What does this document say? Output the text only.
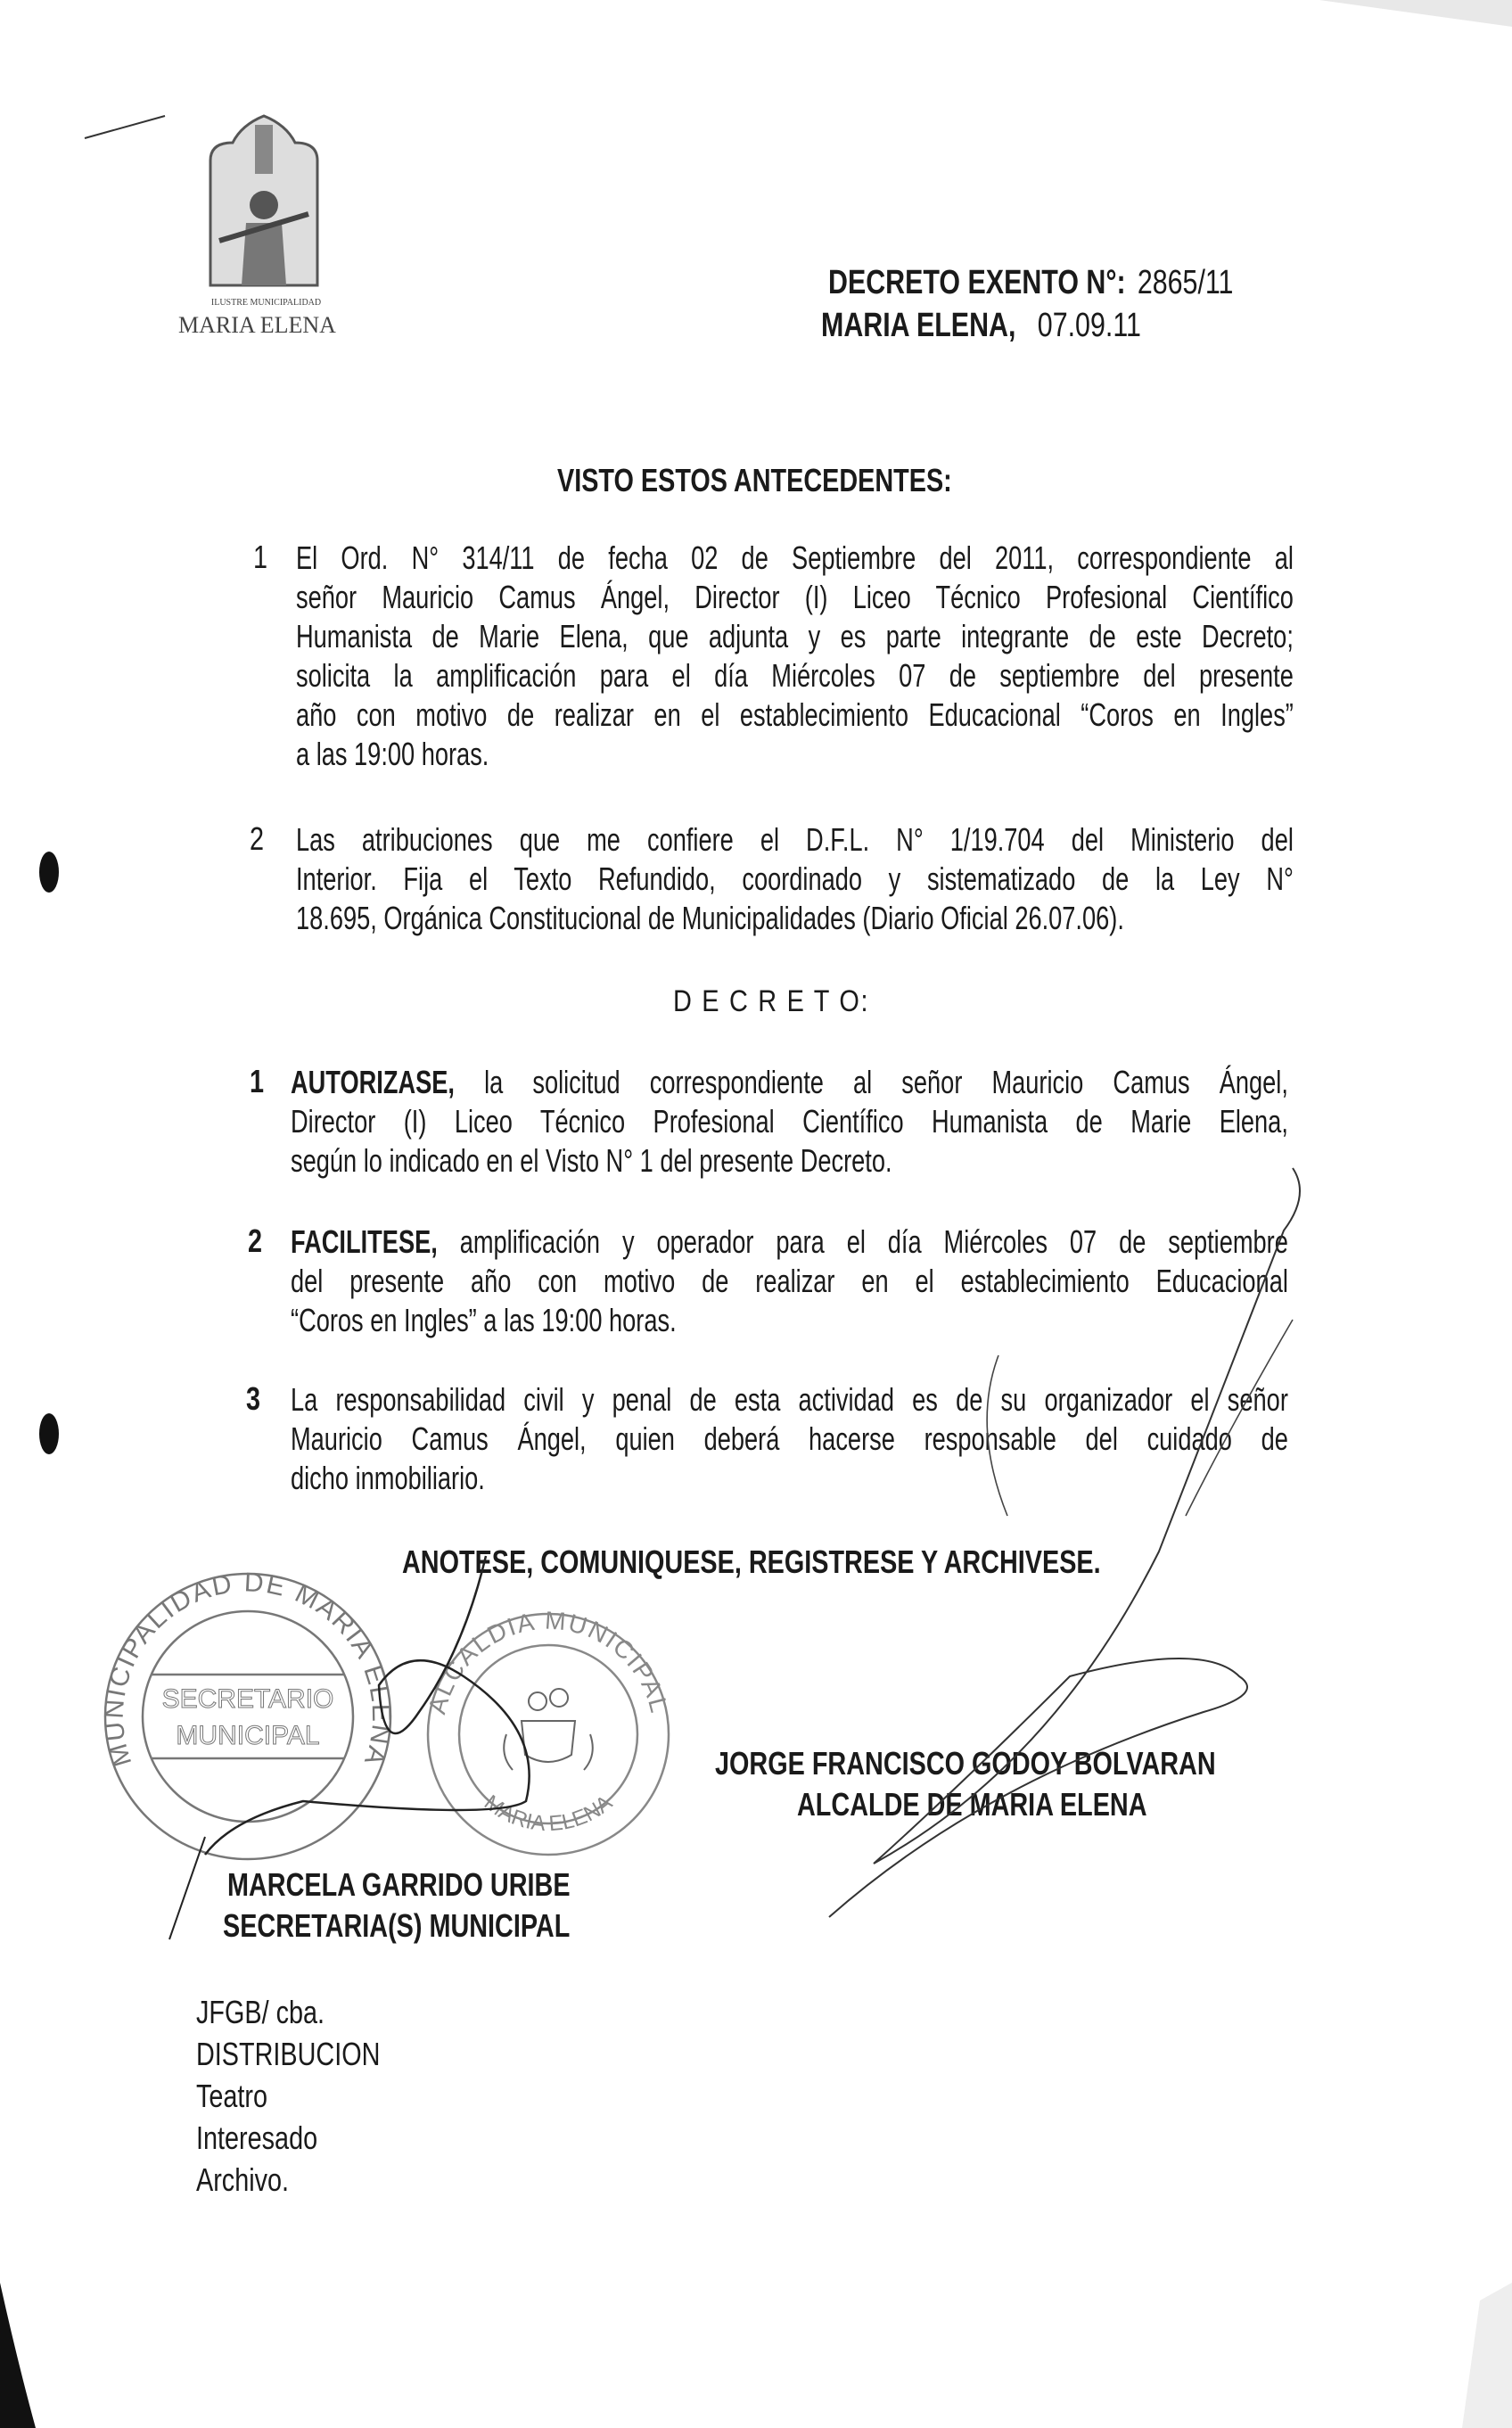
ILUSTRE MUNICIPALIDAD
MARIA ELENA
DECRETO EXENTO N°: 2865/11
MARIA ELENA, 07.09.11
VISTO ESTOS ANTECEDENTES:
1 El Ord. N° 314/11 de fecha 02 de Septiembre del 2011, correspondiente al
señor Mauricio Camus Ángel, Director (I) Liceo Técnico Profesional Científico
Humanista de Marie Elena, que adjunta y es parte integrante de este Decreto;
solicita la amplificación para el día Miércoles 07 de septiembre del presente
año con motivo de realizar en el establecimiento Educacional “Coros en Ingles”
a las 19:00 horas.
2 Las atribuciones que me confiere el D.F.L. N° 1/19.704 del Ministerio del
Interior. Fija el Texto Refundido, coordinado y sistematizado de la Ley N°
18.695, Orgánica Constitucional de Municipalidades (Diario Oficial 26.07.06).
D E C R E T O:
1 AUTORIZASE, la solicitud correspondiente al señor Mauricio Camus Ángel,
Director (I) Liceo Técnico Profesional Científico Humanista de Marie Elena,
según lo indicado en el Visto N° 1 del presente Decreto.
2 FACILITESE, amplificación y operador para el día Miércoles 07 de septiembre
del presente año con motivo de realizar en el establecimiento Educacional
“Coros en Ingles” a las 19:00 horas.
3 La responsabilidad civil y penal de esta actividad es de su organizador el señor
Mauricio Camus Ángel, quien deberá hacerse responsable del cuidado de
dicho inmobiliario.
ANOTESE, COMUNIQUESE, REGISTRESE Y ARCHIVESE.
MUNICIPALIDAD DE MARIA ELENA
SECRETARIO
MUNICIPAL
ALCALDIA MUNICIPAL
MARIA ELENA
JORGE FRANCISCO GODOY BOLVARAN
ALCALDE DE MARIA ELENA
MARCELA GARRIDO URIBE
SECRETARIA(S) MUNICIPAL
JFGB/ cba.
DISTRIBUCION
Teatro
Interesado
Archivo.
